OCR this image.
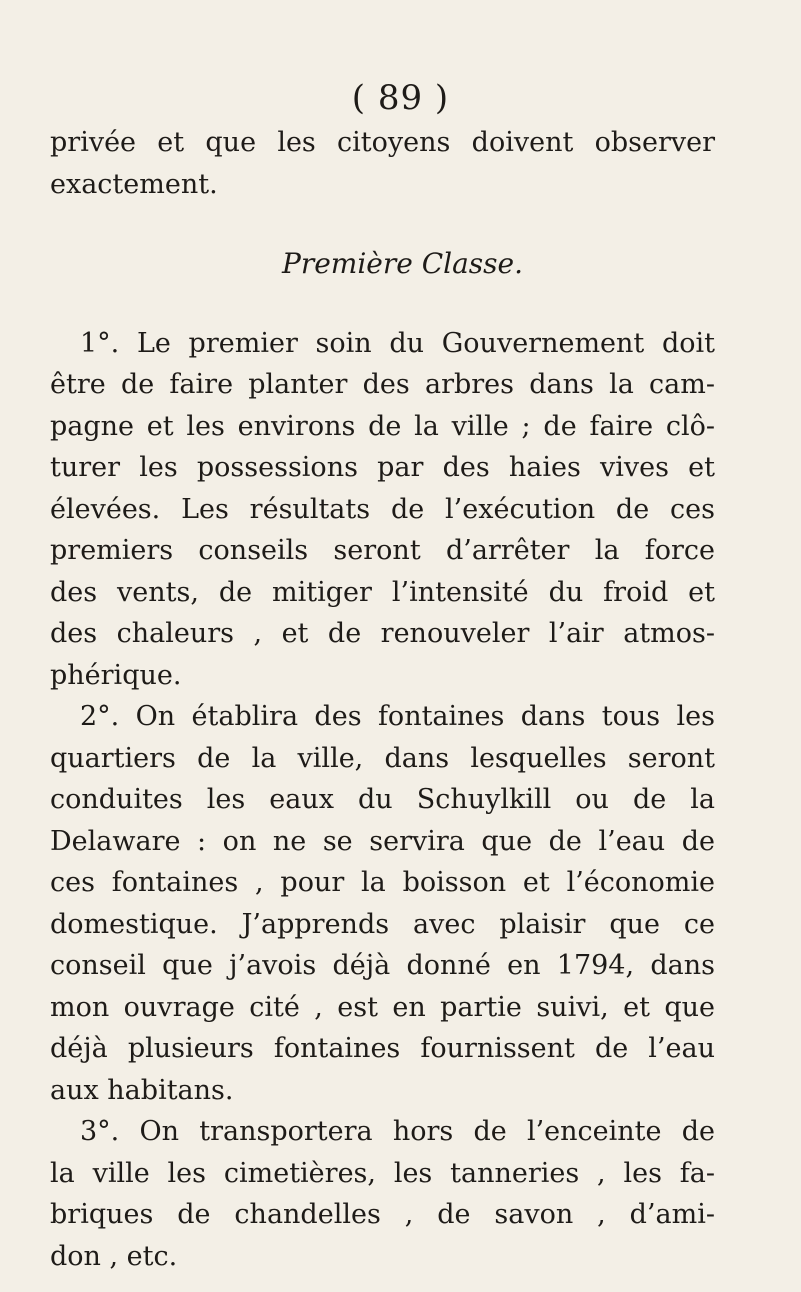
( 89 )
privée et que les citoyens doivent observer
exactement.
Première Classe.
1°. Le premier soin du Gouvernement doit
être de faire planter des arbres dans la cam-
pagne et les environs de la ville ; de faire clô-
turer les possessions par des haies vives et
élevées. Les résultats de l’exécution de ces
premiers conseils seront d’arrêter la force
des vents, de mitiger l’intensité du froid et
des chaleurs , et de renouveler l’air atmos-
phérique.
2°. On établira des fontaines dans tous les
quartiers de la ville, dans lesquelles seront
conduites les eaux du Schuylkill ou de la
Delaware : on ne se servira que de l’eau de
ces fontaines , pour la boisson et l’économie
domestique. J’apprends avec plaisir que ce
conseil que j’avois déjà donné en 1794, dans
mon ouvrage cité , est en partie suivi, et que
déjà plusieurs fontaines fournissent de l’eau
aux habitans.
3°. On transportera hors de l’enceinte de
la ville les cimetières, les tanneries , les fa-
briques de chandelles , de savon , d’ami-
don , etc.
